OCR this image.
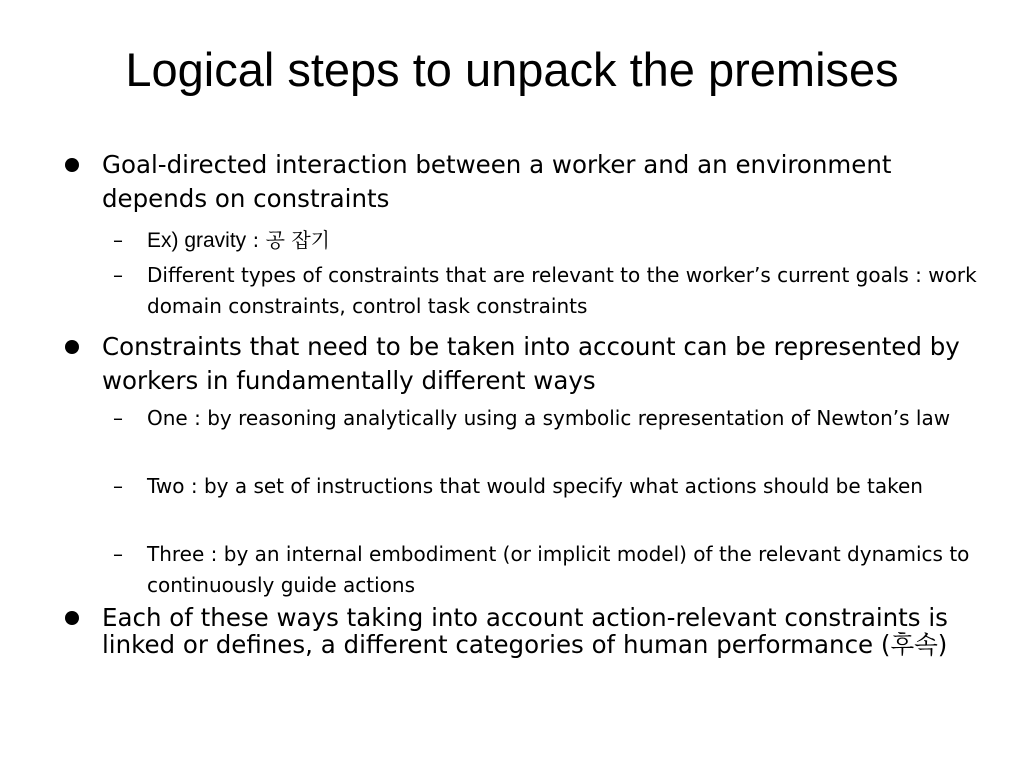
Logical steps to unpack the premises
Goal-directed interaction between a worker and an environment depends on constraints
– Ex) gravity : 공 잡기
– Different types of constraints that are relevant to the worker’s current goals : work domain constraints, control task constraints
Constraints that need to be taken into account can be represented by workers in fundamentally different ways
– One : by reasoning analytically using a symbolic representation of Newton’s law
– Two : by a set of instructions that would specify what actions should be taken
– Three : by an internal embodiment (or implicit model) of the relevant dynamics to continuously guide actions
Each of these ways taking into account action-relevant constraints is linked or defines, a different categories of human performance (후속)
